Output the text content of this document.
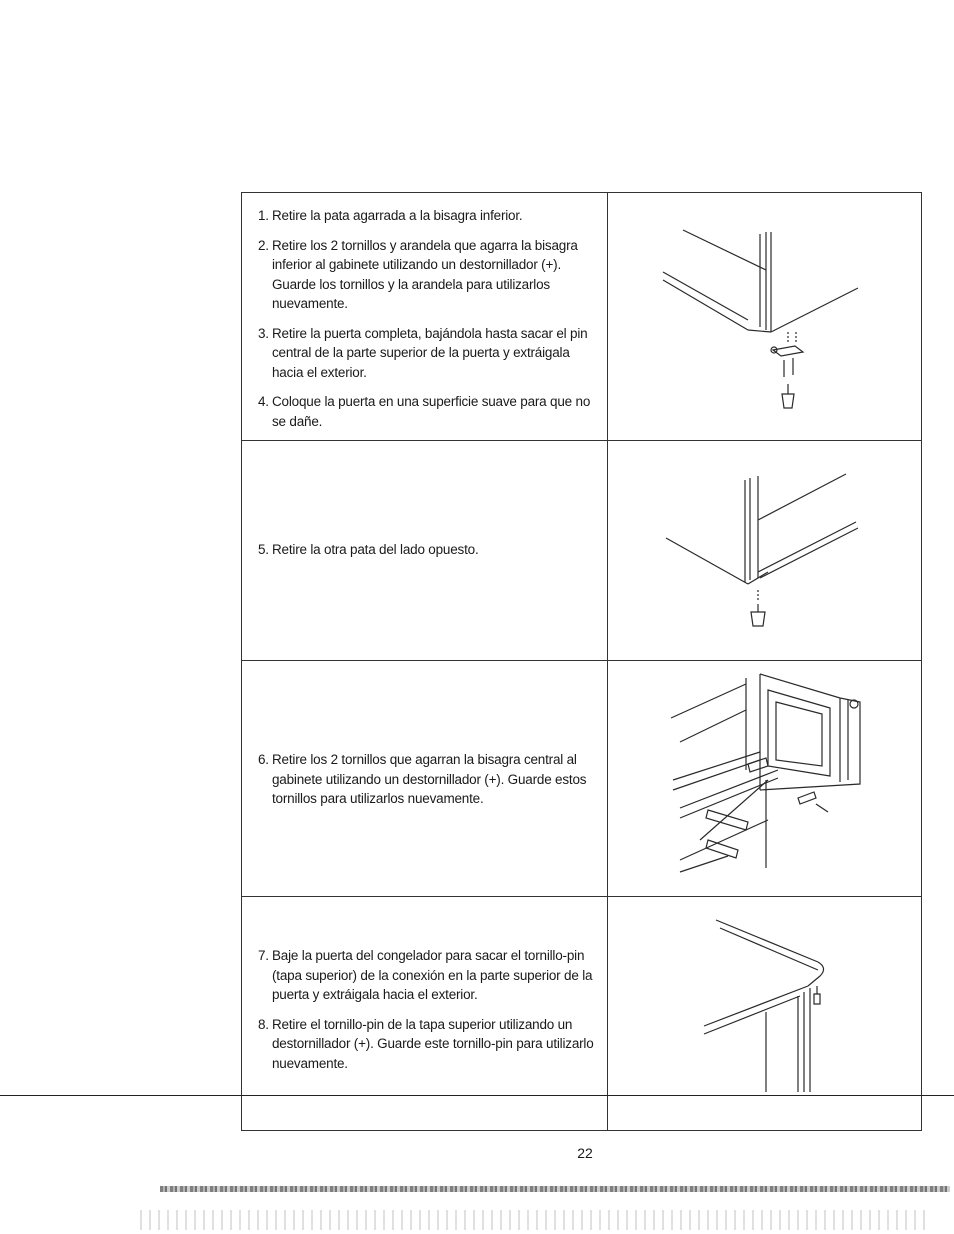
1. Retire la pata agarrada a la bisagra inferior.
2. Retire los 2 tornillos y arandela que agarra la bisagra inferior al gabinete utilizando un destornillador (+). Guarde los tornillos y la arandela para utilizarlos nuevamente.
3. Retire la puerta completa, bajándola hasta sacar el pin central de la parte superior de la puerta y extráigala hacia el exterior.
4. Coloque la puerta en una superficie suave para que no se dañe.
5. Retire la otra pata del lado opuesto.
6. Retire los 2 tornillos que agarran la bisagra central al gabinete utilizando un destornillador (+). Guarde estos tornillos para utilizarlos nuevamente.
7. Baje la puerta del congelador para sacar el tornillo-pin (tapa superior) de la conexión en la parte superior de la puerta y extráigala hacia el exterior.
8. Retire el tornillo-pin de la tapa superior utilizando un destornillador (+). Guarde este tornillo-pin para utilizarlo nuevamente.
22
